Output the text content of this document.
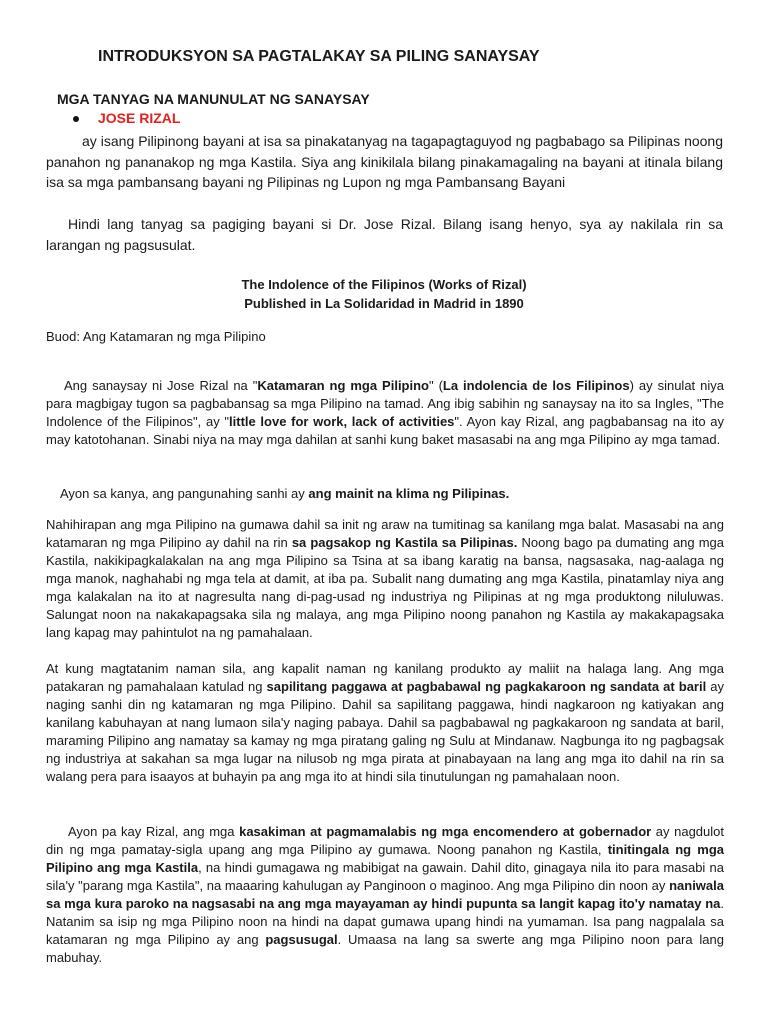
INTRODUKSYON SA PAGTALAKAY SA PILING SANAYSAY
MGA TANYAG NA MANUNULAT NG SANAYSAY
JOSE RIZAL
ay isang Pilipinong bayani at isa sa pinakatanyag na tagapagtaguyod ng pagbabago sa Pilipinas noong panahon ng pananakop ng mga Kastila. Siya ang kinikilala bilang pinakamagaling na bayani at itinala bilang isa sa mga pambansang bayani ng Pilipinas ng Lupon ng mga Pambansang Bayani
Hindi lang tanyag sa pagiging bayani si Dr. Jose Rizal. Bilang isang henyo, sya ay nakilala rin sa larangan ng pagsusulat.
The Indolence of the Filipinos (Works of Rizal)
Published in La Solidaridad in Madrid in 1890
Buod: Ang Katamaran ng mga Pilipino
Ang sanaysay ni Jose Rizal na "Katamaran ng mga Pilipino" (La indolencia de los Filipinos) ay sinulat niya para magbigay tugon sa pagbabansag sa mga Pilipino na tamad. Ang ibig sabihin ng sanaysay na ito sa Ingles, "The Indolence of the Filipinos", ay "little love for work, lack of activities". Ayon kay Rizal, ang pagbabansag na ito ay may katotohanan. Sinabi niya na may mga dahilan at sanhi kung baket masasabi na ang mga Pilipino ay mga tamad.
Ayon sa kanya, ang pangunahing sanhi ay ang mainit na klima ng Pilipinas.
Nahihirapan ang mga Pilipino na gumawa dahil sa init ng araw na tumitinag sa kanilang mga balat. Masasabi na ang katamaran ng mga Pilipino ay dahil na rin sa pagsakop ng Kastila sa Pilipinas. Noong bago pa dumating ang mga Kastila, nakikipagkalakalan na ang mga Pilipino sa Tsina at sa ibang karatig na bansa, nagsasaka, nag-aalaga ng mga manok, naghahabi ng mga tela at damit, at iba pa. Subalit nang dumating ang mga Kastila, pinatamlay niya ang mga kalakalan na ito at nagresulta nang di-pag-usad ng industriya ng Pilipinas at ng mga produktong niluluwas. Salungat noon na nakakapagsaka sila ng malaya, ang mga Pilipino noong panahon ng Kastila ay makakapagsaka lang kapag may pahintulot na ng pamahalaan.
At kung magtatanim naman sila, ang kapalit naman ng kanilang produkto ay maliit na halaga lang. Ang mga patakaran ng pamahalaan katulad ng sapilitang paggawa at pagbabawal ng pagkakaroon ng sandata at baril ay naging sanhi din ng katamaran ng mga Pilipino. Dahil sa sapilitang paggawa, hindi nagkaroon ng katiyakan ang kanilang kabuhayan at nang lumaon sila'y naging pabaya. Dahil sa pagbabawal ng pagkakaroon ng sandata at baril, maraming Pilipino ang namatay sa kamay ng mga piratang galing ng Sulu at Mindanaw. Nagbunga ito ng pagbagsak ng industriya at sakahan sa mga lugar na nilusob ng mga pirata at pinabayaan na lang ang mga ito dahil na rin sa walang pera para isaayos at buhayin pa ang mga ito at hindi sila tinutulungan ng pamahalaan noon.
Ayon pa kay Rizal, ang mga kasakiman at pagmamalabis ng mga encomendero at gobernador ay nagdulot din ng mga pamatay-sigla upang ang mga Pilipino ay gumawa. Noong panahon ng Kastila, tinitingala ng mga Pilipino ang mga Kastila, na hindi gumagawa ng mabibigat na gawain. Dahil dito, ginagaya nila ito para masabi na sila'y "parang mga Kastila", na maaaring kahulugan ay Panginoon o maginoo. Ang mga Pilipino din noon ay naniwala sa mga kura paroko na nagsasabi na ang mga mayayaman ay hindi pupunta sa langit kapag ito'y namatay na. Natanim sa isip ng mga Pilipino noon na hindi na dapat gumawa upang hindi na yumaman. Isa pang nagpalala sa katamaran ng mga Pilipino ay ang pagsusugal. Umaasa na lang sa swerte ang mga Pilipino noon para lang mabuhay.
